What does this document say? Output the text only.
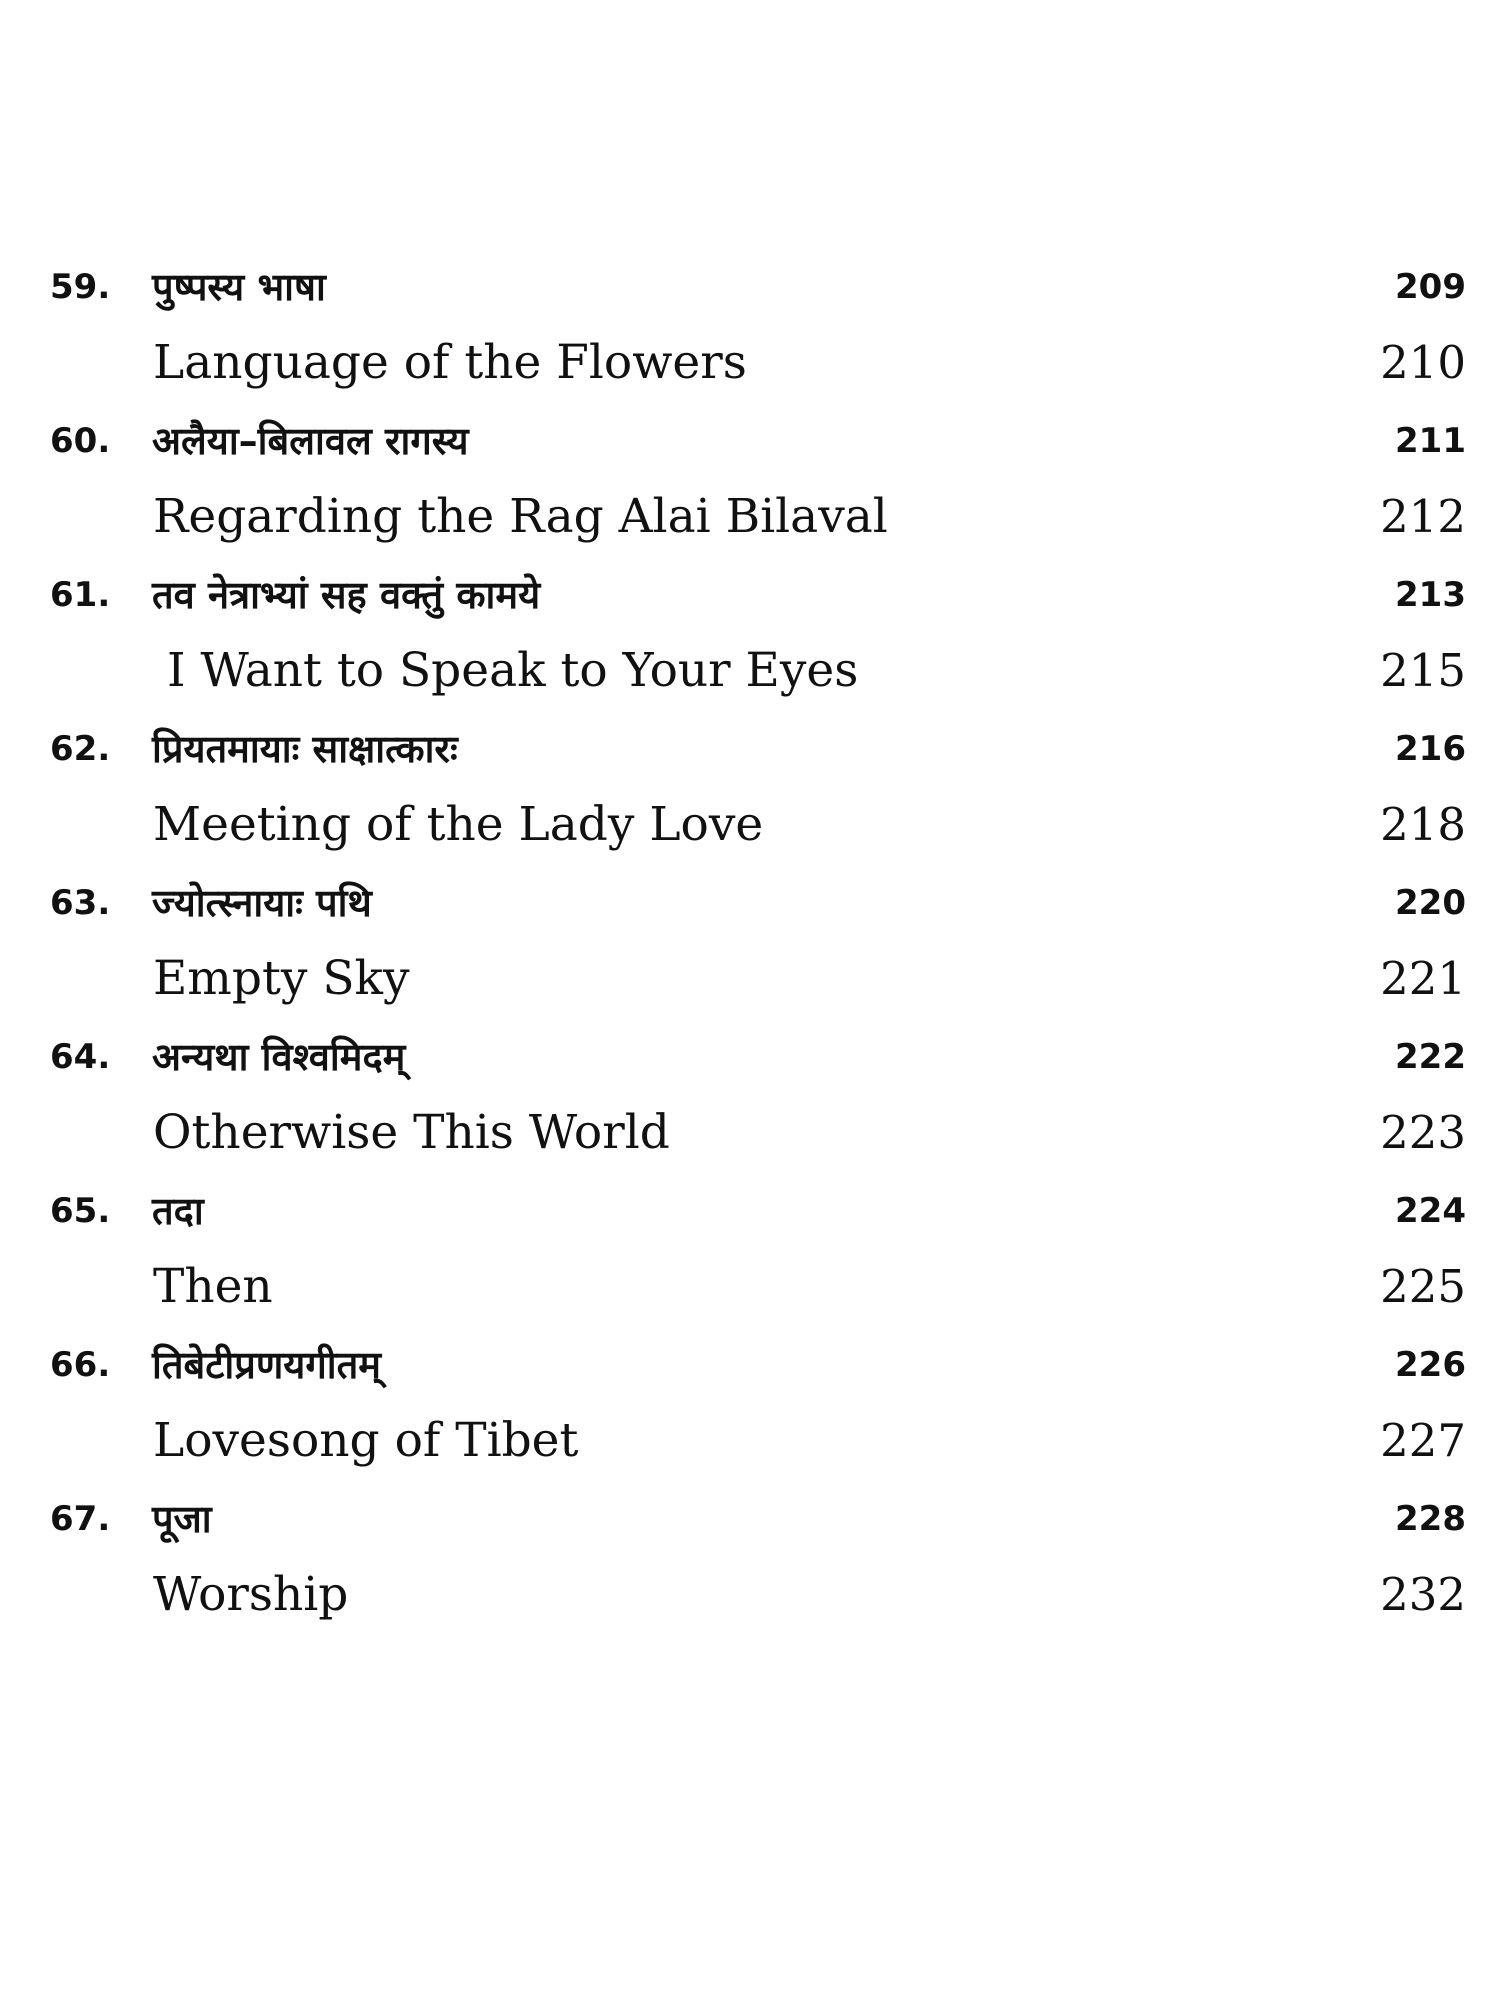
59. पुष्पस्य भाषा	209
Language of the Flowers	210
60. अलैया–बिलावल रागस्य	211
Regarding the Rag Alai Bilaval	212
61. तव नेत्राभ्यां सह वक्तुं कामये	213
I Want to Speak to Your Eyes	215
62. प्रियतमायाः साक्षात्कारः	216
Meeting of the Lady Love	218
63. ज्योत्स्नायाः पथि	220
Empty Sky	221
64. अन्यथा विश्वमिदम्	222
Otherwise This World	223
65. तदा	224
Then	225
66. तिबेटीप्रणयगीतम्	226
Lovesong of Tibet	227
67. पूजा	228
Worship	232
